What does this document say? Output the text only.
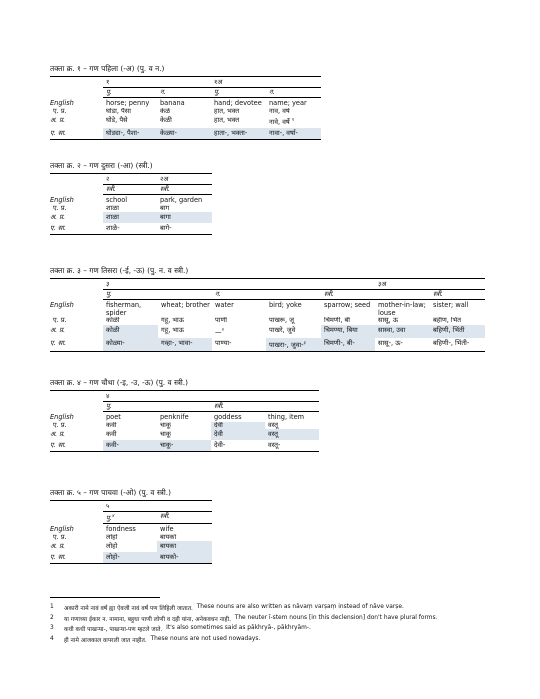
तक्ता क्र. १ – गण पहिला (-अ) (पु. व न.)
	१		१अ	
	पु.	न.	पु.	न.
English	horse; penny	banana	hand; devotee	name; year
ए. प्र.	घोडा, पैसा	केळे	हात, भक्त	नाव, वर्ष
अ. प्र.	घोडे, पैसे	केळी	हात, भक्त	नावे, वर्षे $^१$
ए. सा.	घोड्या-, पैशा-	केळ्या-	हाता-, भक्ता-	नावा-, वर्षा-
तक्ता क्र. २ – गण दुसरा (-आ) (स्त्री.)
	२	२अ
	स्त्री.	स्त्री.
English	school	park, garden
ए. प्र.	शाळा	बाग
अ. प्र.	शाळा	बागा
ए. सा.	शाळे-	बागे-
तक्ता क्र. ३ – गण तिसरा (-ई, -ऊ) (पु. न. व स्त्री.)
	३					३अ	
	पु.		न.		स्त्री.		स्त्री.
English	fisherman, spider	wheat; brother	water	bird; yoke	sparrow; seed	mother-in-law; louse	sister; wall
ए. प्र.	कोळी	गहू, भाऊ	पाणी	पाखरू, जू	चिमणी, बी	सासू, ऊ	बहीण, भिंत
अ. प्र.	कोळी	गहू, भाऊ	—$^२$	पाखरे, जुवे	चिमण्या, बिया	सास्वा, उवा	बहिणी, भिंती
ए. सा.	कोळ्या-	गव्हा-, भावा-	पाण्या-	पाखरा-, जुवा-$^३$	चिमणी-, बी-	सासू-, ऊ-	बहिणी-, भिंती-
तक्ता क्र. ४ – गण चौथा (-इ, -उ, -ऊ) (पु. व स्त्री.)
	४			
	पु.		स्त्री.	
English	poet	penknife	goddess	thing, item
ए. प्र.	कवी	चाकू	देवी	वस्तू
अ. प्र.	कवी	चाकू	देवी	वस्तू
ए. सा.	कवी-	चाकू-	देवी-	वस्तू-
तक्ता क्र. ५ – गण पाचवा (-ओ) (पु. व स्त्री.)
	५	
	पु.$^४$	स्त्री.
English	fondness	wife
ए. प्र.	लोहो	बायको
अ. प्र.	लोहो	बायका
ए. सा.	लोहो-	बायको-
1	अकारी नामे नावं वर्षं ह्या ऐवजी नावं वर्षं पण लिहिली जातात.
These nouns are also written as nāvaṃ varṣaṃ instead of nāve varṣe.
2	या गणाच्या ईकार न. नामाना, बहुधा पाणी लोणी व दही यांना, अनेकवचन नाही.
The neuter ī-stem nouns [in this declension] don't have plural forms.
3	कधी कधी पाखऱ्या-, पाखऱ्या-पण म्हटले जाते.
It's also sometimes said as pākhryā-, pākhryām-.
4	ही नामे आजकाल वापरली जात नाहीत.
These nouns are not used nowadays.
